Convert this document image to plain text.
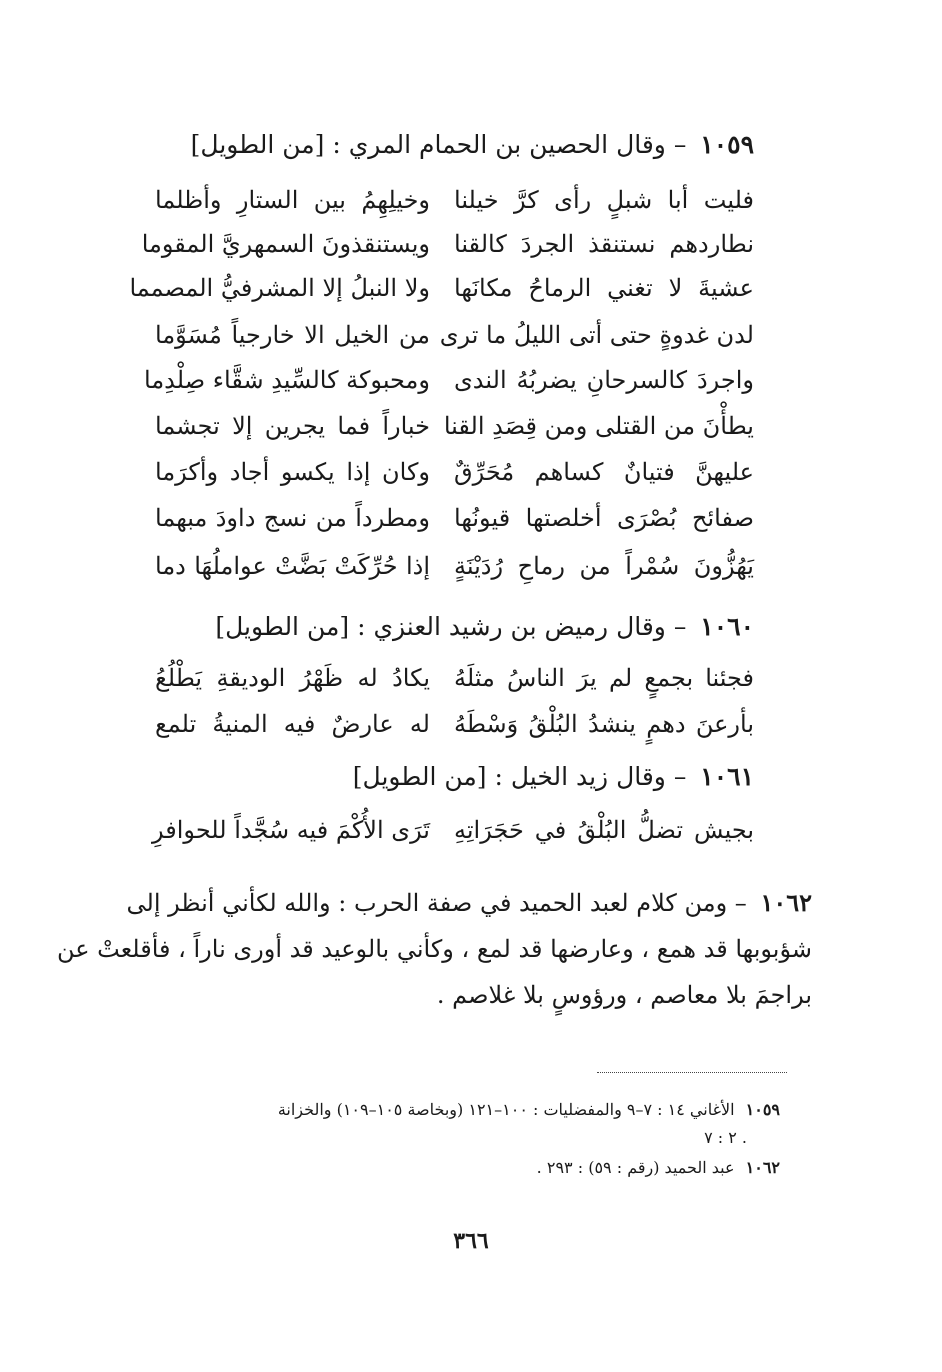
١٠٥٩ – وقال الحصين بن الحمام المري : [من الطويل]
فليت أبا شبلٍ رأى كرَّ خيلنا
وخيلِهِمُ بين الستارِ وأظلما
نطاردهم نستنقذ الجردَ كالقنا
ويستنقذونَ السمهريَّ المقوما
عشيةَ لا تغني الرماحُ مكانَها
ولا النبلُ إلا المشرفيُّ المصمما
لدن غدوةٍ حتى أتى الليلُ ما ترى
من الخيل الا خارجياً مُسَوَّما
واجردَ كالسرحانِ يضربُهُ الندى
ومحبوكة كالسِّيدِ شقَّاء صِلْدِما
يطأْنَ من القتلى ومن قِصَدِ القنا
خباراً فما يجرين إلا تجشما
عليهنَّ فتيانٌ كساهم مُحَرِّقٌ
وكان إذا يكسو أجاد وأكرَما
صفائح بُصْرَى أخلصتها قيونُها
ومطرداً من نسج داودَ مبهما
يَهُزُّونَ سُمْراً من رماحِ رُدَيْنَةٍ
إذا حُرِّكَتْ بَضَّتْ عواملُهَا دما
١٠٦٠ – وقال رميض بن رشيد العنزي : [من الطويل]
فجئنا بجمعٍ لم يرَ الناسُ مثلَهُ
يكادُ له ظَهْرُ الوديقةِ يَطْلُعُ
بأرعنَ دهمٍ ينشدُ البُلْقُ وَسْطَهُ
له عارضٌ فيه المنيةُ تلمع
١٠٦١ – وقال زيد الخيل : [من الطويل]
بجيش تضلُّ البُلْقُ في حَجَرَاتِهِ
تَرَى الأُكْمَ فيه سُجَّداً للحوافرِ
١٠٦٢ – ومن كلام لعبد الحميد في صفة الحرب : والله لكأني أنظر إلى
شؤبوبها قد همع ، وعارضها قد لمع ، وكأني بالوعيد قد أورى ناراً ، فأقلعتْ عن
براجمَ بلا معاصم ، ورؤوسٍ بلا غلاصم .
١٠٥٩ الأغاني ١٤ : ٧–٩ والمفضليات : ١٠٠–١٢١ (وبخاصة ١٠٥–١٠٩) والخزانة
٢ : ٧ .
١٠٦٢ عبد الحميد (رقم : ٥٩) : ٢٩٣ .
٣٦٦
